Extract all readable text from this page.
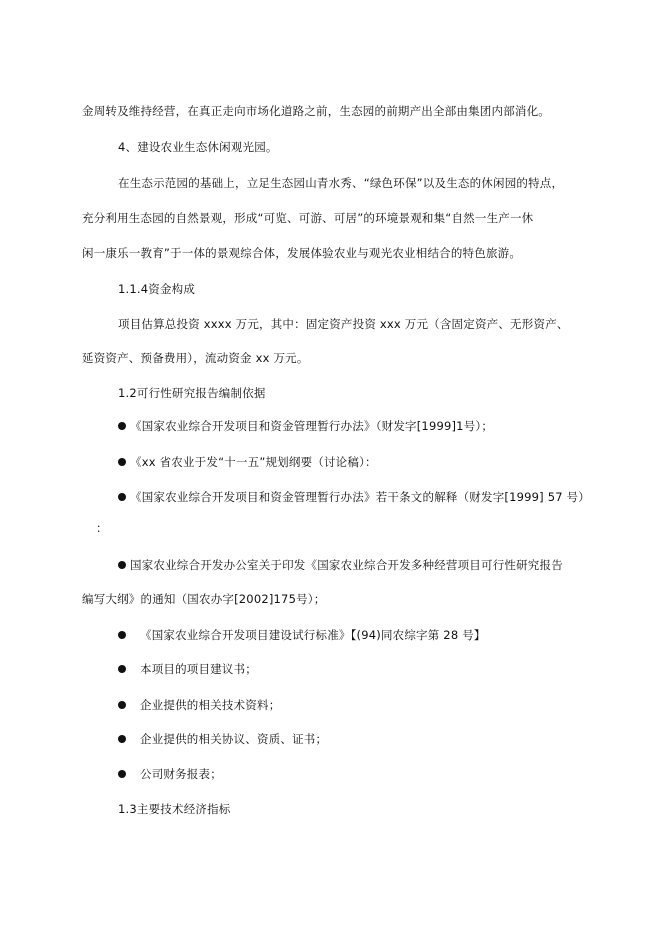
金周转及维持经营，在真正走向市场化道路之前，生态园的前期产出全部由集团内部消化。
4、建设农业生态休闲观光园。
在生态示范园的基础上，立足生态园山青水秀、“绿色环保”以及生态的休闲园的特点，
充分利用生态园的自然景观，形成“可览、可游、可居”的环境景观和集“自然一生产一休
闲一康乐一教育”于一体的景观综合体，发展体验农业与观光农业相结合的特色旅游。
1.1.4资金构成
项目估算总投资 xxxx 万元，其中：固定资产投资 xxx 万元（含固定资产、无形资产、
延资资产、预备费用），流动资金 xx 万元。
1.2可行性研究报告编制依据
《国家农业综合开发项目和资金管理暂行办法》（财发字[1999]1号）；
《xx 省农业于发“十一五”规划纲要（讨论稿）：
《国家农业综合开发项目和资金管理暂行办法》若干条文的解释（财发字[1999] 57 号）
：
国家农业综合开发办公室关于印发《国家农业综合开发多种经营项目可行性研究报告
编写大纲》的通知（国农办字[2002]175号）；
《国家农业综合开发项目建设试行标准》【(94)同农综字第 28 号】
本项目的项目建议书；
企业提供的相关技术资料；
企业提供的相关协议、资质、证书；
公司财务报表；
1.3主要技术经济指标
